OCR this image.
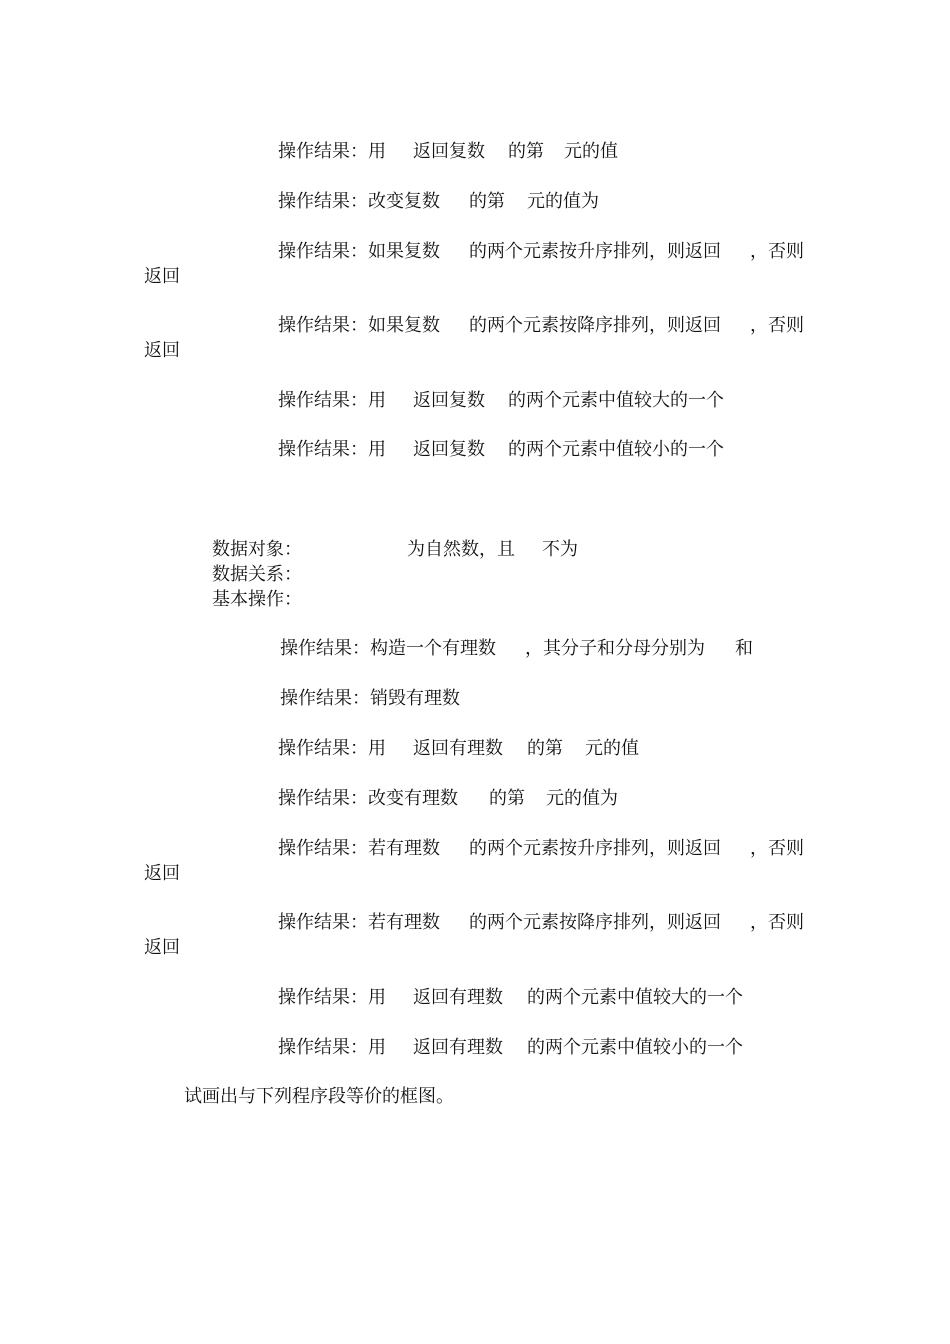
操作结果：用

返回复数

的第

元的值

操作结果：改变复数

的第

元的值为

操作结果：如果复数

的两个元素按升序排列，则返回

，否则

返回

操作结果：如果复数

的两个元素按降序排列，则返回

，否则

返回

操作结果：用

返回复数

的两个元素中值较大的一个

操作结果：用

返回复数

的两个元素中值较小的一个

数据对象：

	为自然数，且

不为

数据关系：
基本操作：

操作结果：构造一个有理数

，其分子和分母分别为

和

操作结果：销毁有理数

操作结果：用

返回有理数

的第

元的值

操作结果：改变有理数

的第

元的值为

操作结果：若有理数

的两个元素按升序排列，则返回

，否则

返回

操作结果：若有理数

的两个元素按降序排列，则返回

，否则

返回

操作结果：用

返回有理数

的两个元素中值较大的一个

操作结果：用

返回有理数

的两个元素中值较小的一个

试画出与下列程序段等价的框图。
